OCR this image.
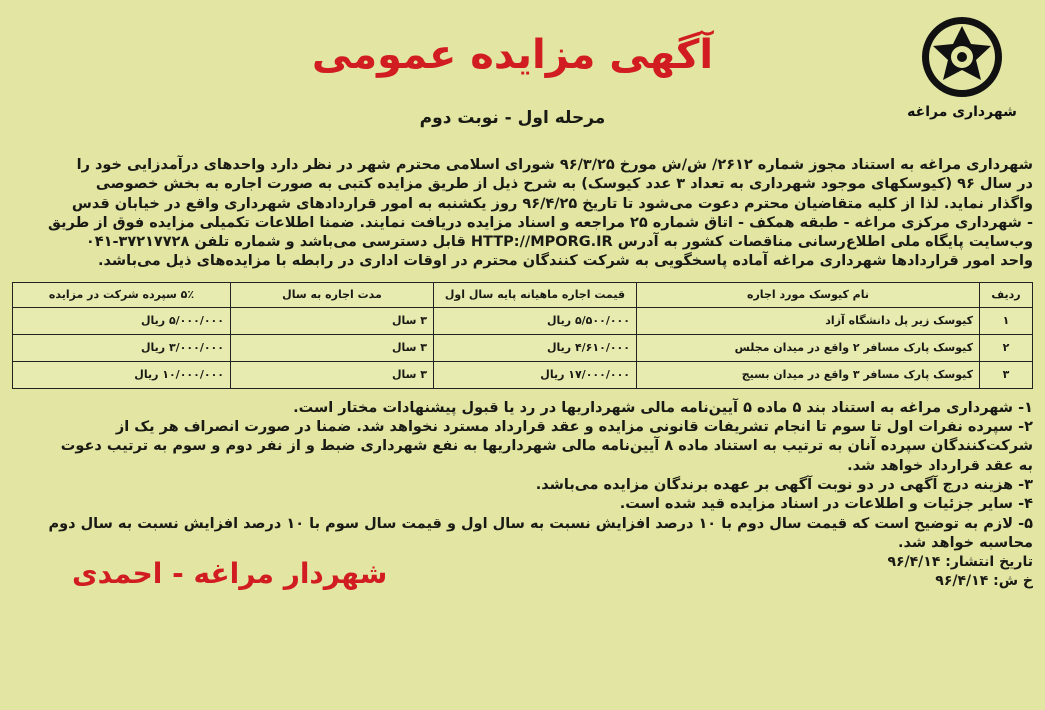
شهرداری مراغه
آگهی مزایده عمومی
مرحله اول - نوبت دوم

شهرداری مراغه به استناد مجوز شماره ۲۶۱۲/ ش/ش مورخ ۹۶/۳/۲۵ شورای اسلامی محترم شهر در نظر دارد واحدهای درآمدزایی خود را

در سال ۹۶ (کیوسکهای موجود شهرداری به تعداد ۳ عدد کیوسک) به شرح ذیل از طریق مزایده کتبی به صورت اجاره به بخش خصوصی

واگذار نماید. لذا از کلیه متقاضیان محترم دعوت می‌شود تا تاریخ ۹۶/۴/۲۵ روز یکشنبه به امور قراردادهای شهرداری واقع در خیابان قدس

- شهرداری مرکزی مراغه - طبقه همکف - اتاق شماره ۲۵ مراجعه و اسناد مزایده دریافت نمایند. ضمنا اطلاعات تکمیلی مزایده فوق از طریق

وب‌سایت پایگاه ملی اطلاع‌رسانی مناقصات کشور به آدرس HTTP://MPORG.IR قابل دسترسی می‌باشد و شماره تلفن ۳۷۲۱۷۷۲۸-۰۴۱

واحد امور قراردادها شهرداری مراغه آماده پاسخگویی به شرکت کنندگان محترم در اوقات اداری در رابطه با مزایده‌های ذیل می‌باشد.

ردیف	نام کیوسک مورد اجاره	قیمت اجاره ماهیانه پایه سال اول	مدت اجاره به سال	۵٪ سپرده شرکت در مزایده
۱	کیوسک زیر پل دانشگاه آزاد	۵/۵۰۰/۰۰۰ ریال	۳ سال	۵/۰۰۰/۰۰۰ ریال
۲	کیوسک پارک مسافر ۲ واقع در میدان مجلس	۴/۶۱۰/۰۰۰ ریال	۳ سال	۳/۰۰۰/۰۰۰ ریال
۳	کیوسک پارک مسافر ۳ واقع در میدان بسیج	۱۷/۰۰۰/۰۰۰ ریال	۳ سال	۱۰/۰۰۰/۰۰۰ ریال

۱- شهرداری مراغه به استناد بند ۵ ماده ۵ آیین‌نامه مالی شهرداریها در رد یا قبول پیشنهادات مختار است.

۲- سپرده نفرات اول تا سوم تا انجام تشریفات قانونی مزایده و عقد قرارداد مسترد نخواهد شد. ضمنا در صورت انصراف هر یک از

شرکت‌کنندگان سپرده آنان به ترتیب به استناد ماده ۸ آیین‌نامه مالی شهرداریها به نفع شهرداری ضبط و از نفر دوم و سوم به ترتیب دعوت

به عقد قرارداد خواهد شد.

۳- هزینه درج آگهی در دو نوبت آگهی بر عهده برندگان مزایده می‌باشد.

۴- سایر جزئیات و اطلاعات در اسناد مزایده قید شده است.

۵- لازم به توضیح است که قیمت سال دوم با ۱۰ درصد افزایش نسبت به سال اول و قیمت سال سوم با ۱۰ درصد افزایش نسبت به سال دوم

محاسبه خواهد شد.

تاریخ انتشار: ۹۶/۴/۱۴
خ ش: ۹۶/۴/۱۴
شهردار مراغه - احمدی
